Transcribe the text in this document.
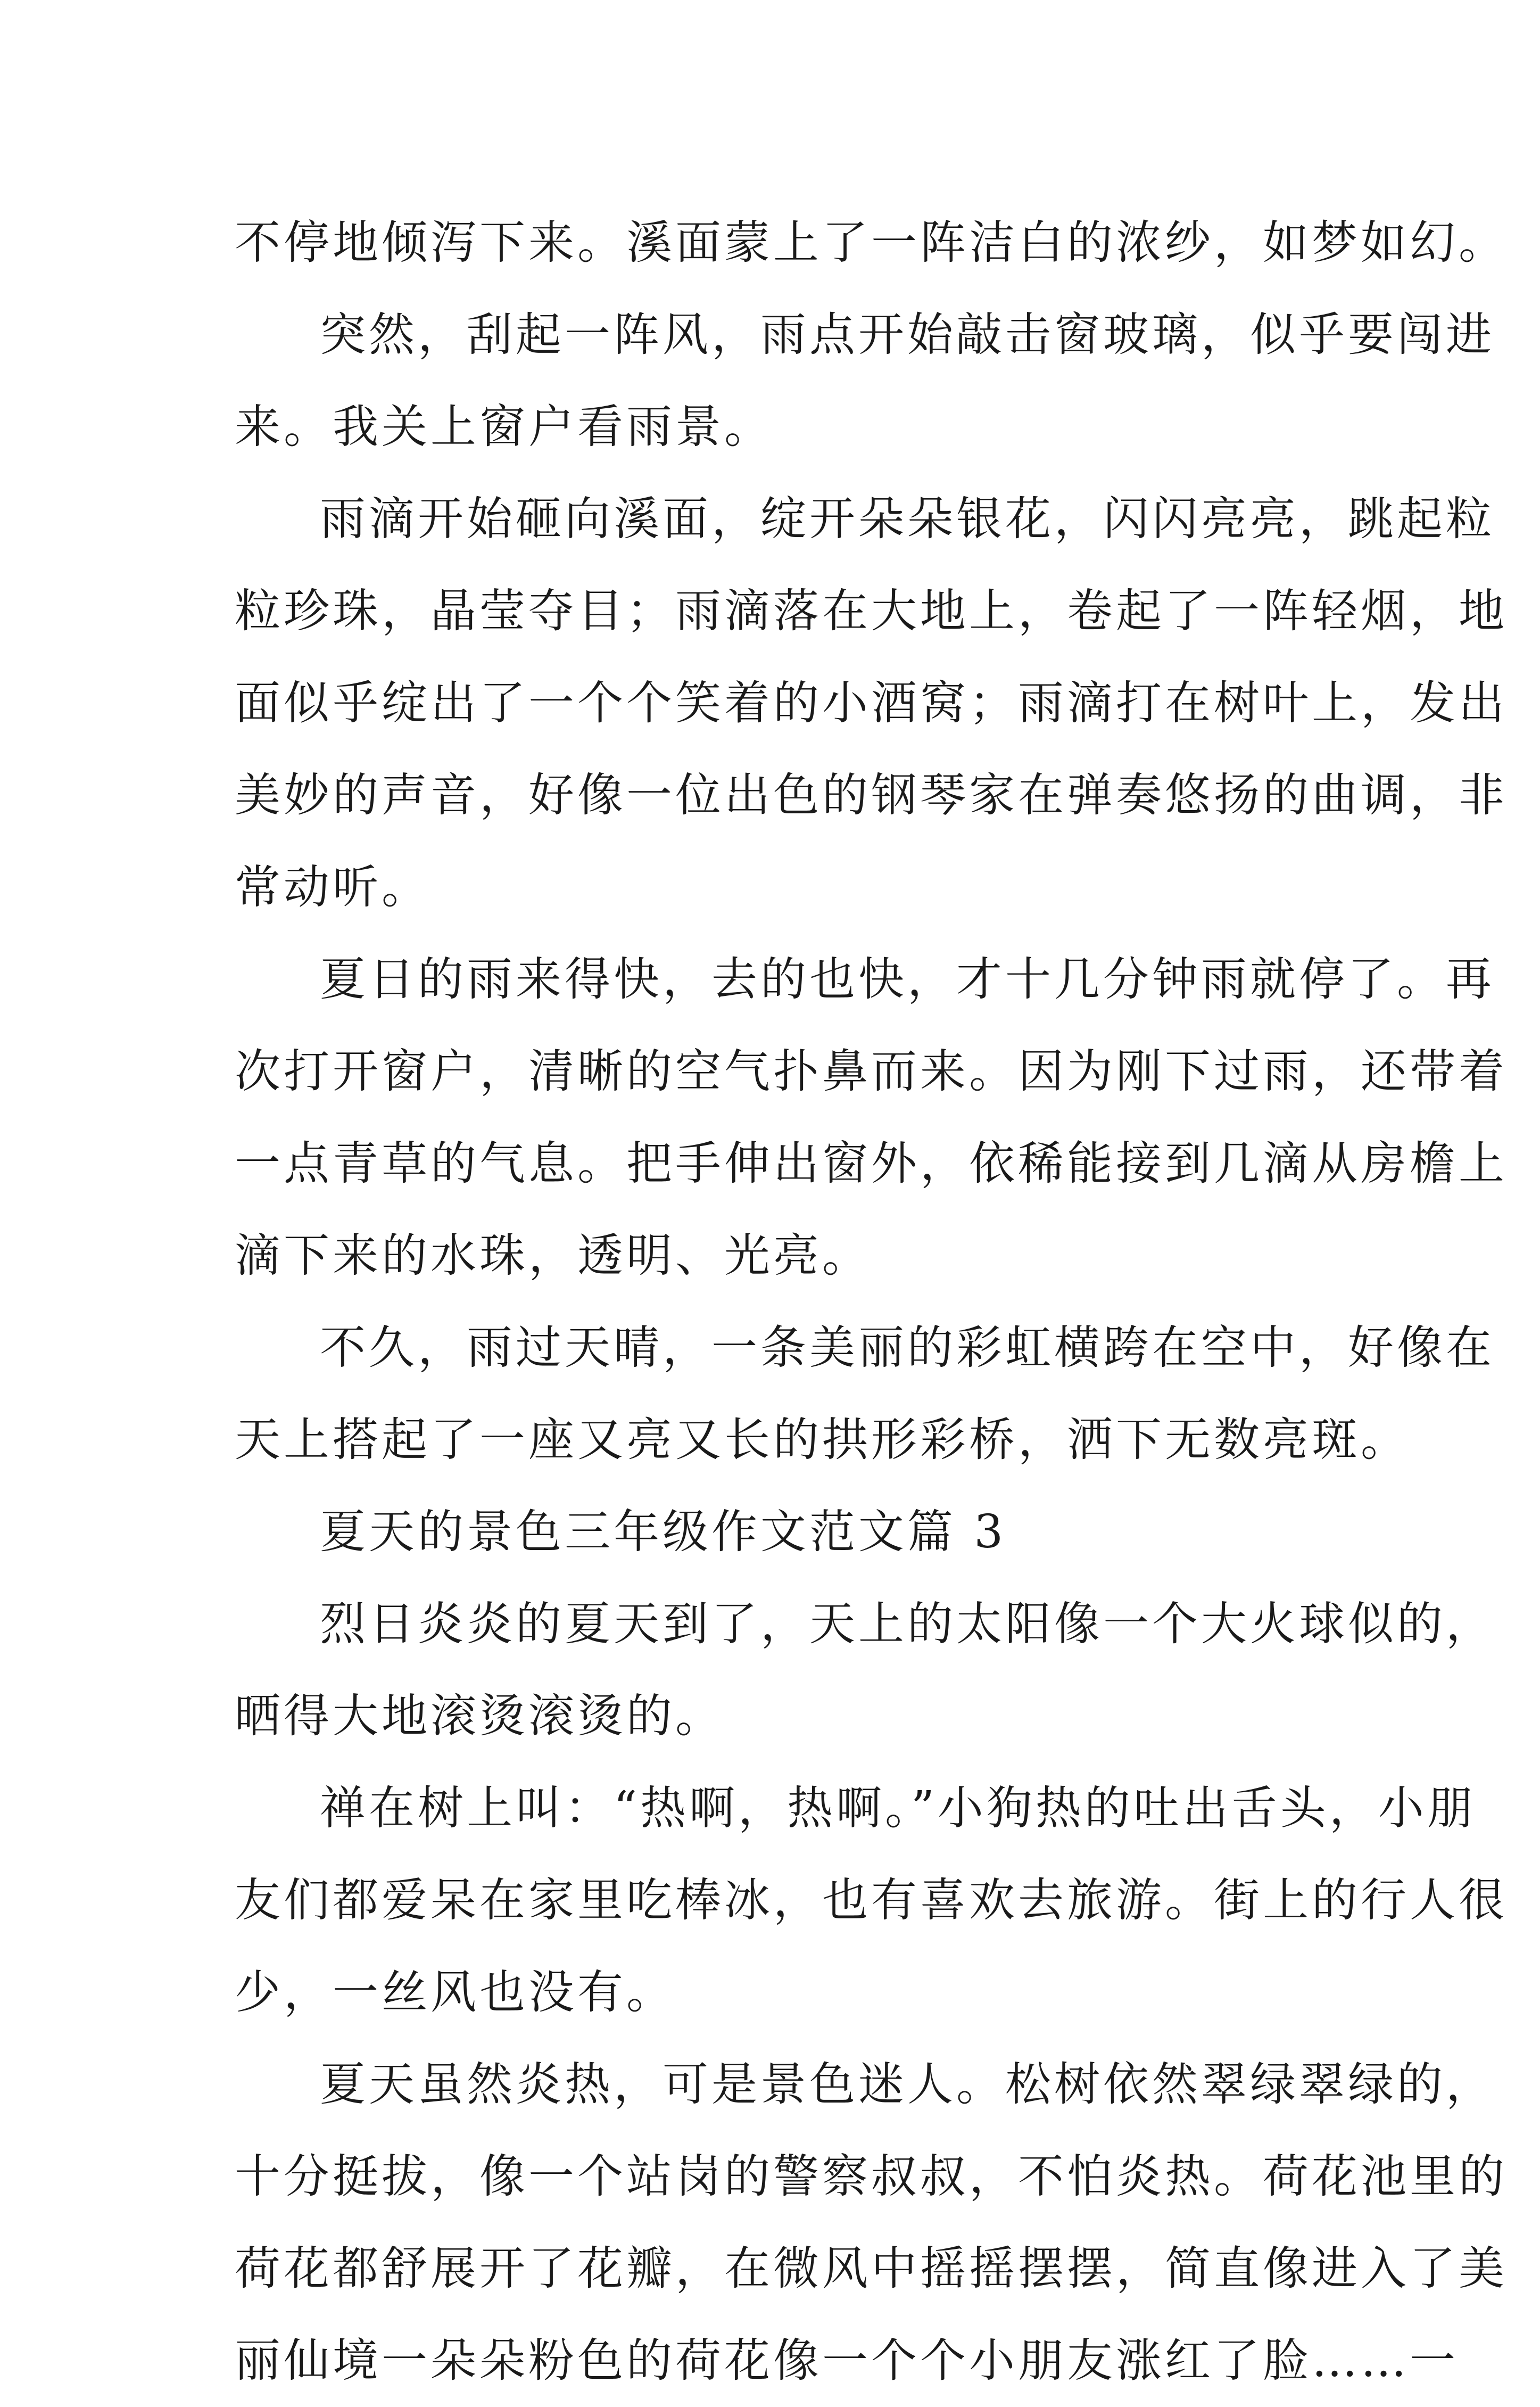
不停地倾泻下来。溪面蒙上了一阵洁白的浓纱，如梦如幻。
突然，刮起一阵风，雨点开始敲击窗玻璃，似乎要闯进
来。我关上窗户看雨景。
雨滴开始砸向溪面，绽开朵朵银花，闪闪亮亮，跳起粒
粒珍珠，晶莹夺目；雨滴落在大地上，卷起了一阵轻烟，地
面似乎绽出了一个个笑着的小酒窝；雨滴打在树叶上，发出
美妙的声音，好像一位出色的钢琴家在弹奏悠扬的曲调，非
常动听。
夏日的雨来得快，去的也快，才十几分钟雨就停了。再
次打开窗户，清晰的空气扑鼻而来。因为刚下过雨，还带着
一点青草的气息。把手伸出窗外，依稀能接到几滴从房檐上
滴下来的水珠，透明、光亮。
不久，雨过天晴，一条美丽的彩虹横跨在空中，好像在
天上搭起了一座又亮又长的拱形彩桥，洒下无数亮斑。
夏天的景色三年级作文范文篇 3
烈日炎炎的夏天到了，天上的太阳像一个大火球似的，
晒得大地滚烫滚烫的。
禅在树上叫：“热啊，热啊。”小狗热的吐出舌头，小朋
友们都爱呆在家里吃棒冰，也有喜欢去旅游。街上的行人很
少，一丝风也没有。
夏天虽然炎热，可是景色迷人。松树依然翠绿翠绿的，
十分挺拔，像一个站岗的警察叔叔，不怕炎热。荷花池里的
荷花都舒展开了花瓣，在微风中摇摇摆摆，简直像进入了美
丽仙境一朵朵粉色的荷花像一个个小朋友涨红了脸……一
